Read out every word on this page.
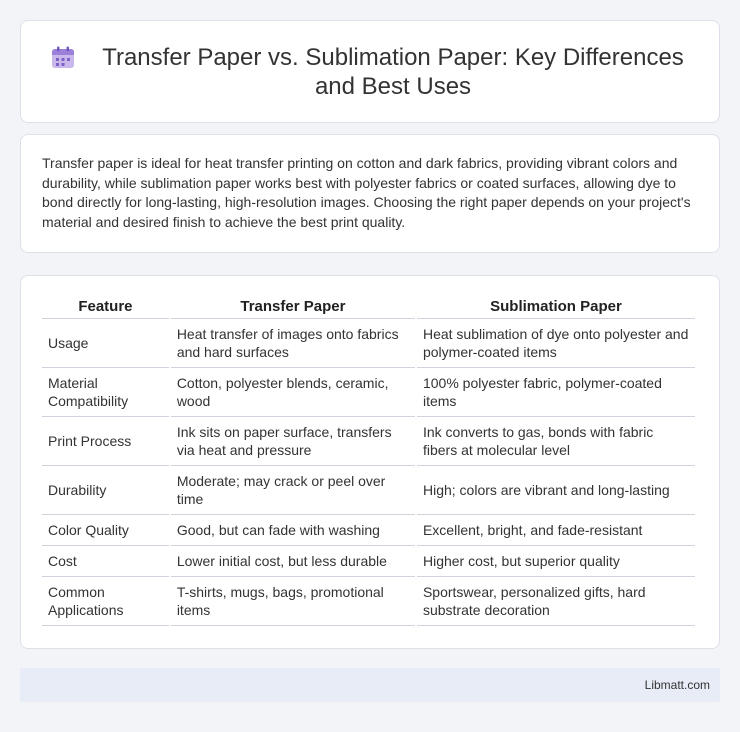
Transfer Paper vs. Sublimation Paper: Key Differences and Best Uses

Transfer paper is ideal for heat transfer printing on cotton and dark fabrics, providing vibrant colors and durability, while sublimation paper works best with polyester fabrics or coated surfaces, allowing dye to bond directly for long-lasting, high-resolution images. Choosing the right paper depends on your project's material and desired finish to achieve the best print quality.

Feature	Transfer Paper	Sublimation Paper
Usage	Heat transfer of images onto fabrics and hard surfaces	Heat sublimation of dye onto polyester and polymer-coated items
Material Compatibility	Cotton, polyester blends, ceramic, wood	100% polyester fabric, polymer-coated items
Print Process	Ink sits on paper surface, transfers via heat and pressure	Ink converts to gas, bonds with fabric fibers at molecular level
Durability	Moderate; may crack or peel over time	High; colors are vibrant and long-lasting
Color Quality	Good, but can fade with washing	Excellent, bright, and fade-resistant
Cost	Lower initial cost, but less durable	Higher cost, but superior quality
Common Applications	T-shirts, mugs, bags, promotional items	Sportswear, personalized gifts, hard substrate decoration
Libmatt.com
